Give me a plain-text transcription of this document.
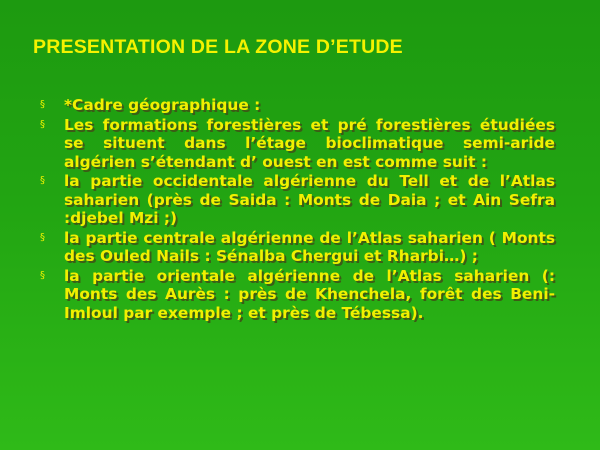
PRESENTATION DE LA ZONE D’ETUDE
§ *Cadre géographique :
§ Les formations forestières et pré forestières étudiées se situent dans l’étage bioclimatique semi-aride algérien s’étendant d’ ouest en est comme suit :
§ la partie occidentale algérienne du Tell et de l’Atlas saharien (près de Saida : Monts de Daia ; et Ain Sefra :djebel Mzi ;)
§ la partie centrale algérienne de l’Atlas saharien ( Monts des Ouled Nails : Sénalba Chergui et Rharbi…) ;
§ la partie orientale algérienne de l’Atlas saharien (: Monts des Aurès : près de Khenchela, forêt des Beni-Imloul par exemple ; et près de Tébessa).
